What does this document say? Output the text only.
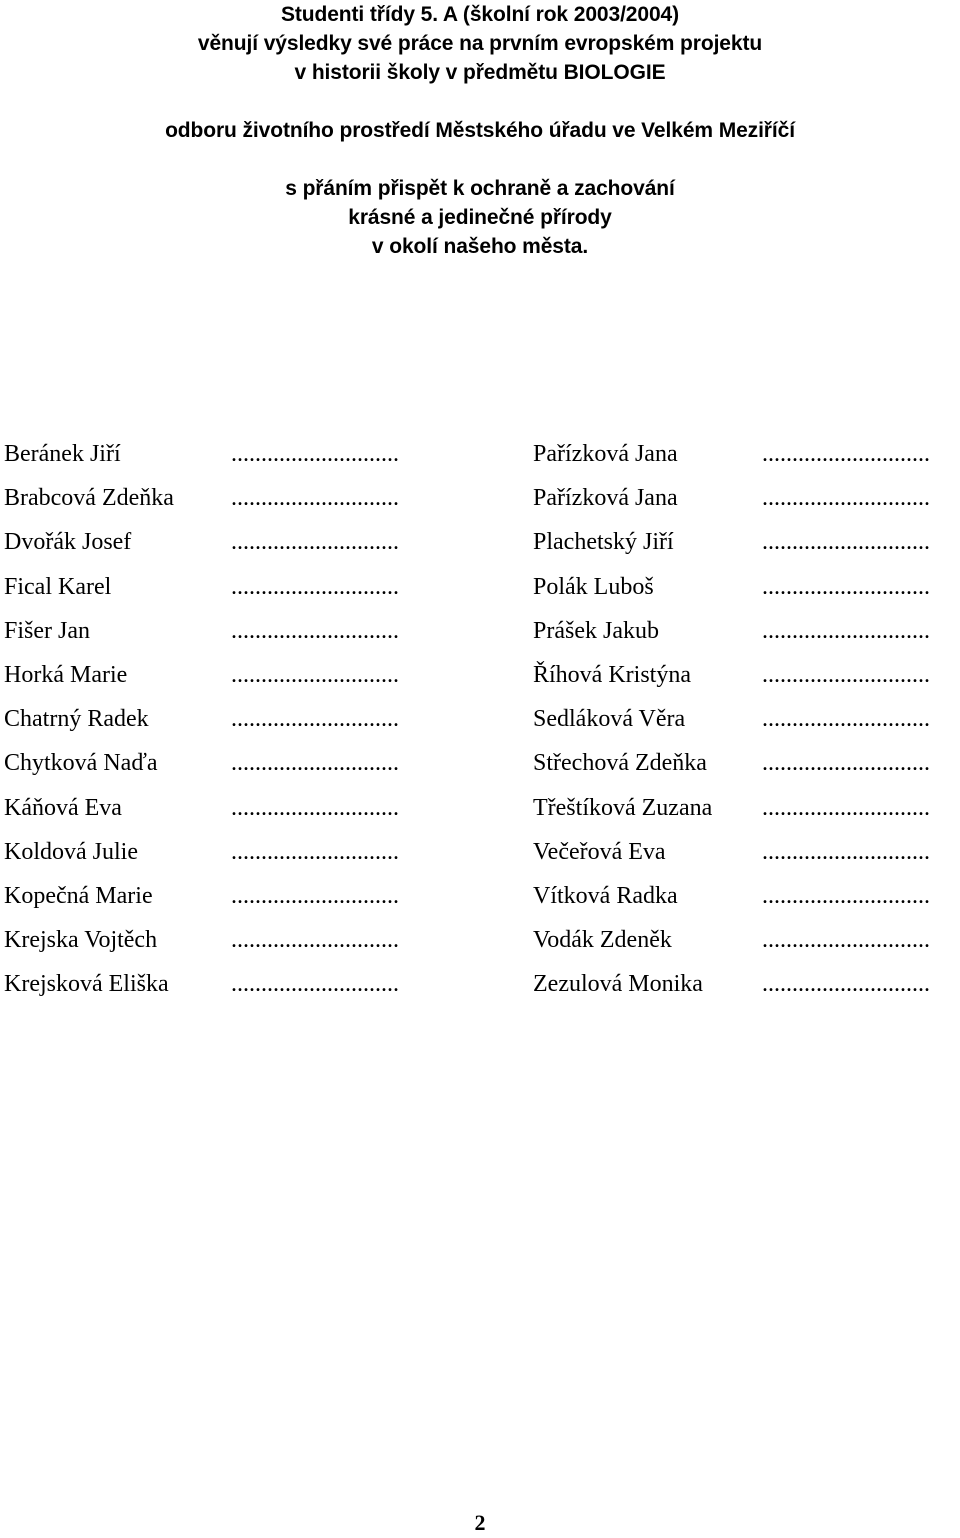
Studenti třídy 5. A (školní rok 2003/2004)
věnují výsledky své práce na prvním evropském projektu
v historii školy v předmětu BIOLOGIE
odboru životního prostředí Městského úřadu ve Velkém Meziříčí
s přáním přispět k ochraně a zachování
krásné a jedinečné přírody
v okolí našeho města.
Beránek Jiří	............................	Pařízková Jana	............................
Brabcová Zdeňka ............................	Pařízková Jana	............................
Dvořák Josef	............................	Plachetský Jiří	............................
Fical Karel	............................	Polák Luboš	............................
Fišer Jan	............................	Prášek Jakub	............................
Horká Marie	............................	Říhová Kristýna	............................
Chatrný Radek	............................	Sedláková Věra	............................
Chytková Naďa	............................	Střechová Zdeňka ............................
Káňová Eva	............................	Třeštíková Zuzana ............................
Koldová Julie	............................	Večeřová Eva	............................
Kopečná Marie	............................	Vítková Radka	............................
Krejska Vojtěch	............................	Vodák Zdeněk	............................
Krejsková Eliška	............................	Zezulová Monika ............................
2
